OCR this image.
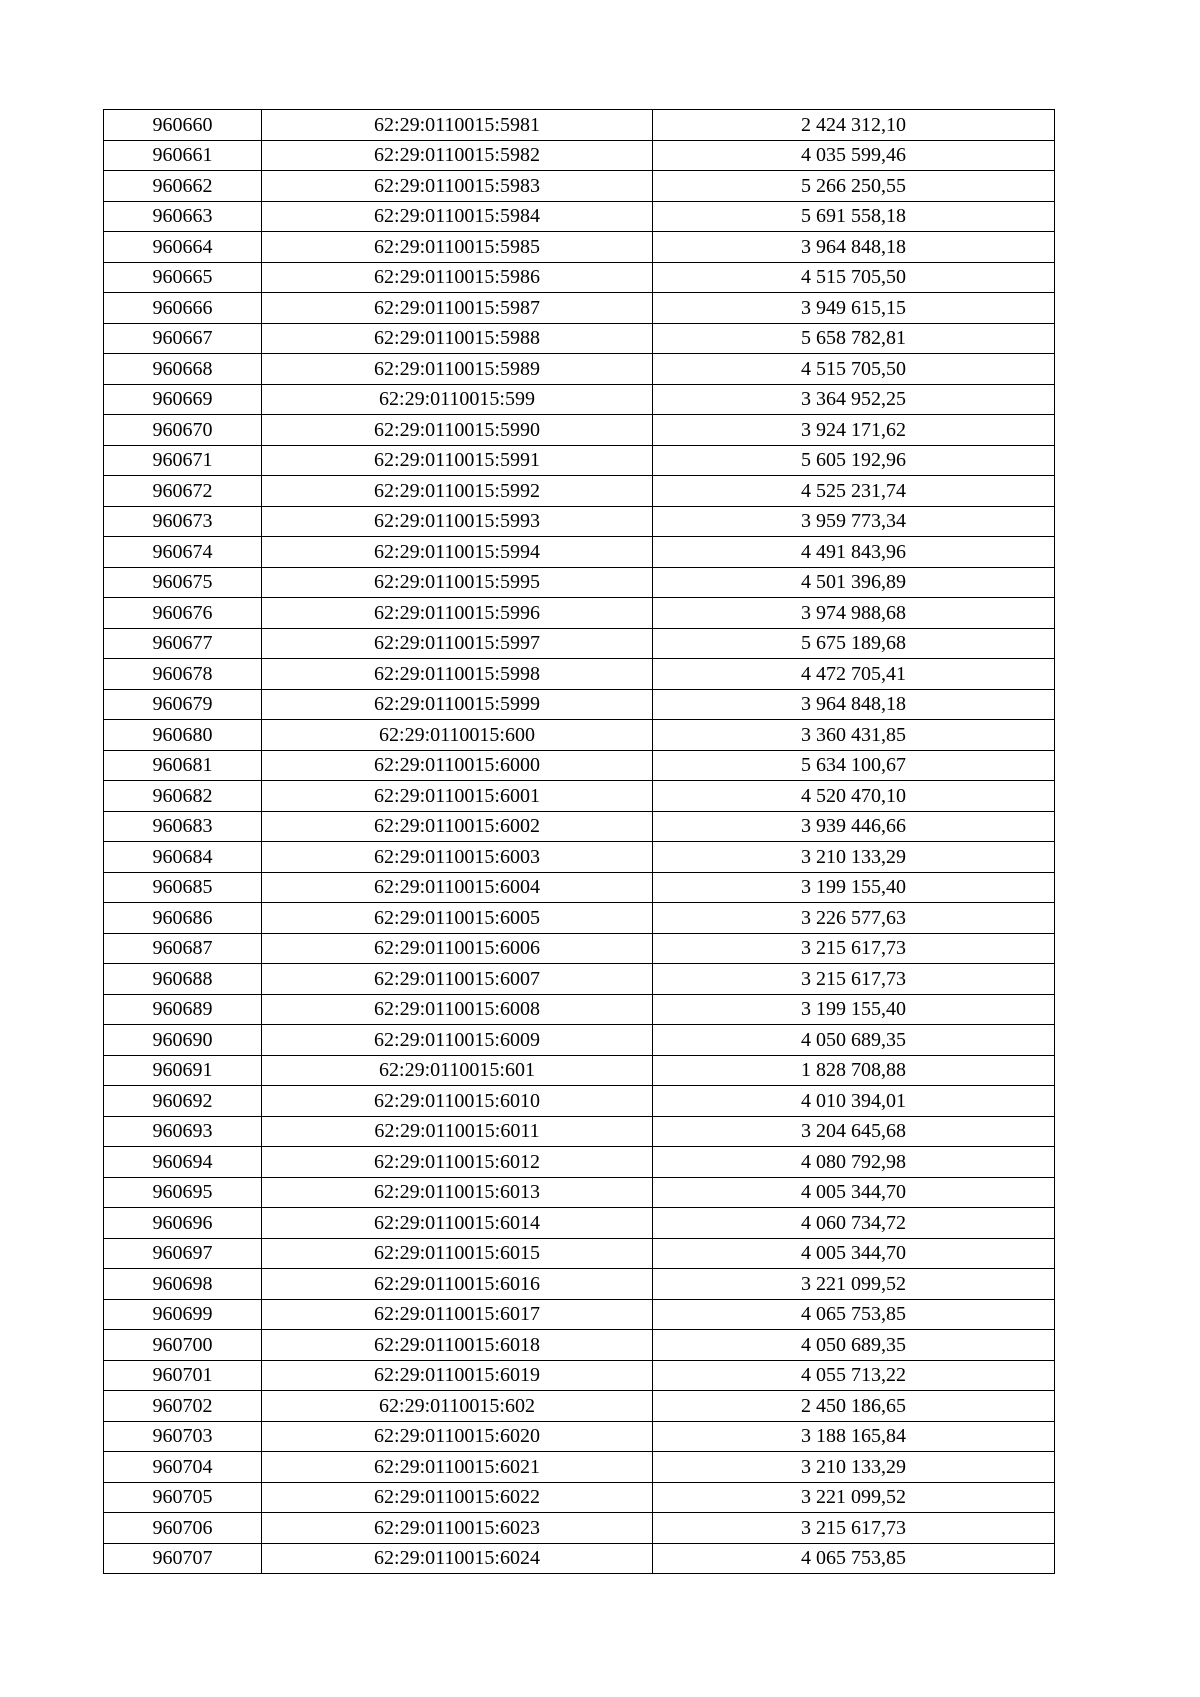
960660	62:29:0110015:5981	2 424 312,10
960661	62:29:0110015:5982	4 035 599,46
960662	62:29:0110015:5983	5 266 250,55
960663	62:29:0110015:5984	5 691 558,18
960664	62:29:0110015:5985	3 964 848,18
960665	62:29:0110015:5986	4 515 705,50
960666	62:29:0110015:5987	3 949 615,15
960667	62:29:0110015:5988	5 658 782,81
960668	62:29:0110015:5989	4 515 705,50
960669	62:29:0110015:599	3 364 952,25
960670	62:29:0110015:5990	3 924 171,62
960671	62:29:0110015:5991	5 605 192,96
960672	62:29:0110015:5992	4 525 231,74
960673	62:29:0110015:5993	3 959 773,34
960674	62:29:0110015:5994	4 491 843,96
960675	62:29:0110015:5995	4 501 396,89
960676	62:29:0110015:5996	3 974 988,68
960677	62:29:0110015:5997	5 675 189,68
960678	62:29:0110015:5998	4 472 705,41
960679	62:29:0110015:5999	3 964 848,18
960680	62:29:0110015:600	3 360 431,85
960681	62:29:0110015:6000	5 634 100,67
960682	62:29:0110015:6001	4 520 470,10
960683	62:29:0110015:6002	3 939 446,66
960684	62:29:0110015:6003	3 210 133,29
960685	62:29:0110015:6004	3 199 155,40
960686	62:29:0110015:6005	3 226 577,63
960687	62:29:0110015:6006	3 215 617,73
960688	62:29:0110015:6007	3 215 617,73
960689	62:29:0110015:6008	3 199 155,40
960690	62:29:0110015:6009	4 050 689,35
960691	62:29:0110015:601	1 828 708,88
960692	62:29:0110015:6010	4 010 394,01
960693	62:29:0110015:6011	3 204 645,68
960694	62:29:0110015:6012	4 080 792,98
960695	62:29:0110015:6013	4 005 344,70
960696	62:29:0110015:6014	4 060 734,72
960697	62:29:0110015:6015	4 005 344,70
960698	62:29:0110015:6016	3 221 099,52
960699	62:29:0110015:6017	4 065 753,85
960700	62:29:0110015:6018	4 050 689,35
960701	62:29:0110015:6019	4 055 713,22
960702	62:29:0110015:602	2 450 186,65
960703	62:29:0110015:6020	3 188 165,84
960704	62:29:0110015:6021	3 210 133,29
960705	62:29:0110015:6022	3 221 099,52
960706	62:29:0110015:6023	3 215 617,73
960707	62:29:0110015:6024	4 065 753,85
